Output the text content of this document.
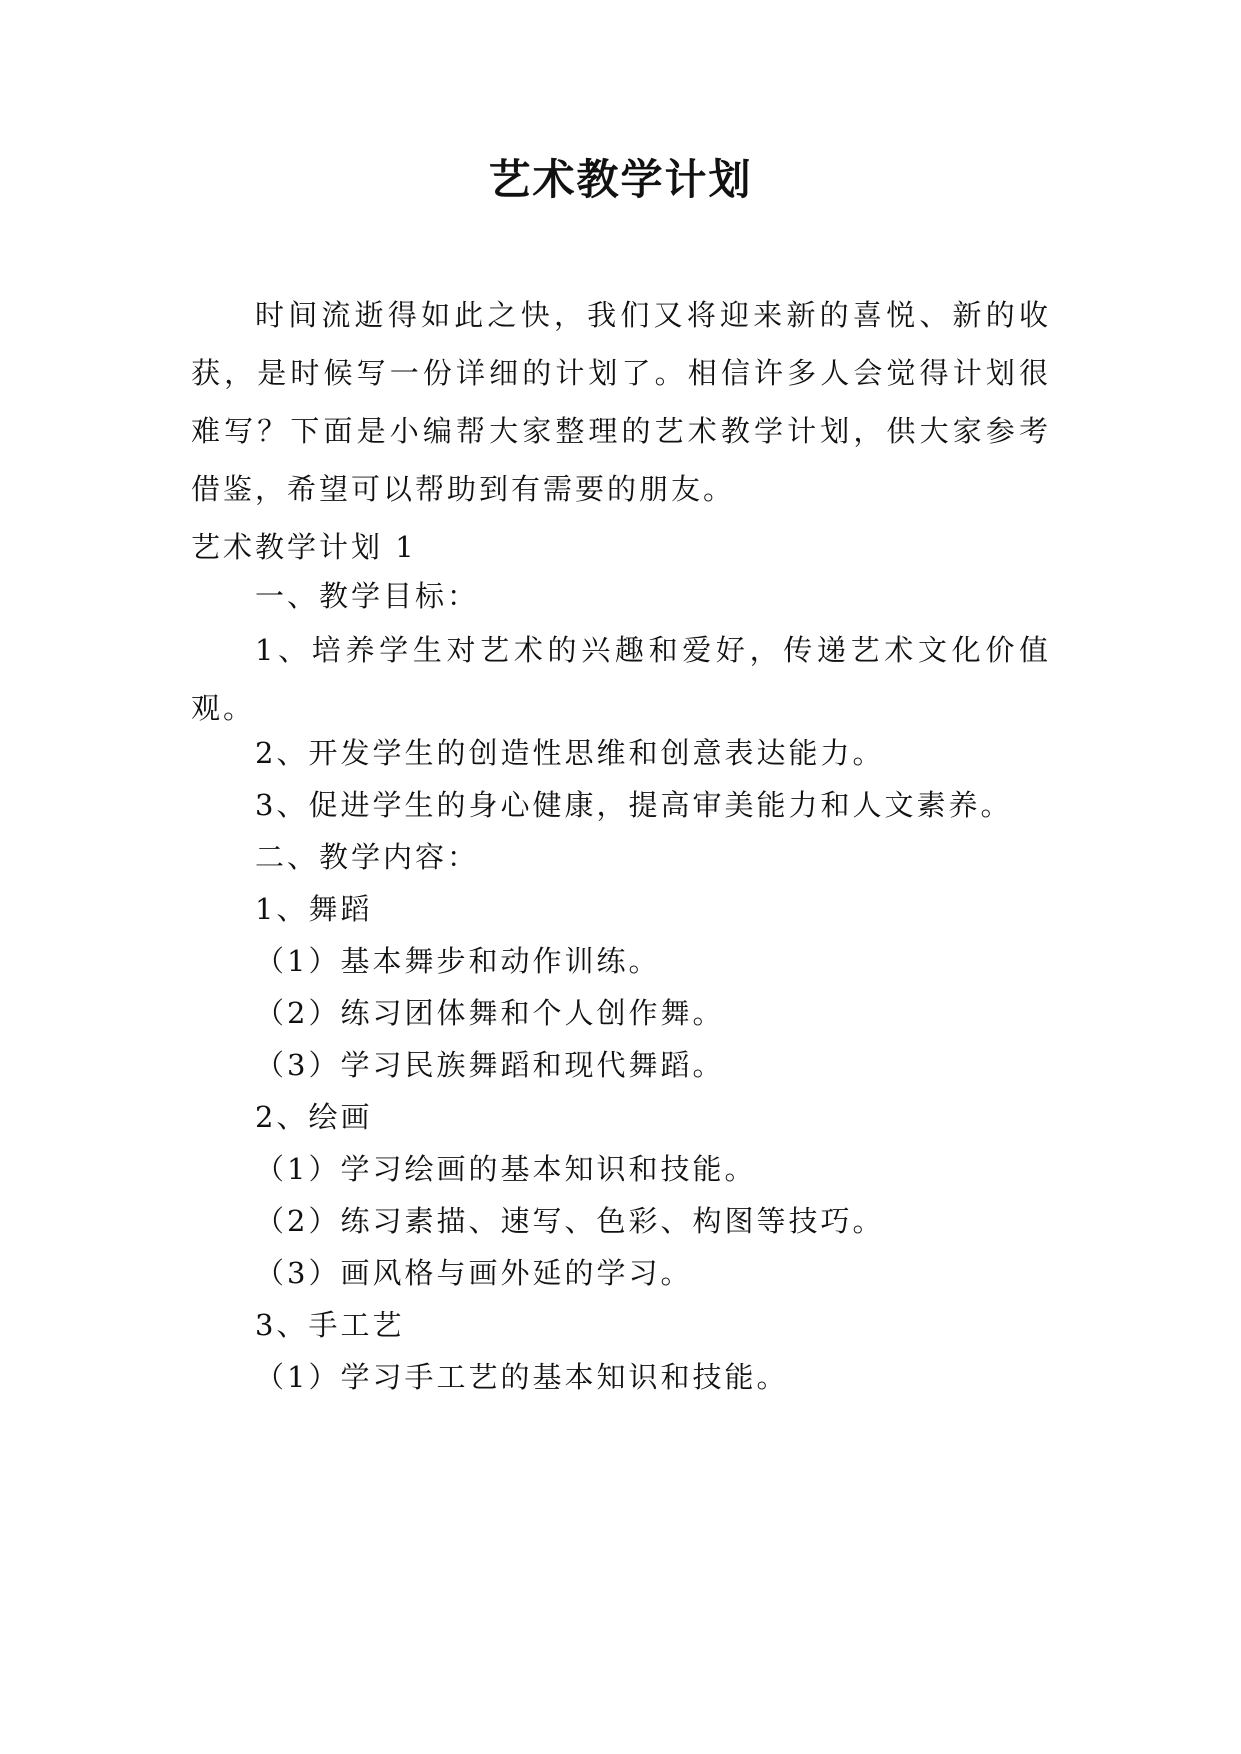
艺术教学计划
时间流逝得如此之快，我们又将迎来新的喜悦、新的收获，是时候写一份详细的计划了。相信许多人会觉得计划很难写？下面是小编帮大家整理的艺术教学计划，供大家参考借鉴，希望可以帮助到有需要的朋友。
艺术教学计划 1
一、教学目标：
1、培养学生对艺术的兴趣和爱好，传递艺术文化价值观。
2、开发学生的创造性思维和创意表达能力。
3、促进学生的身心健康，提高审美能力和人文素养。
二、教学内容：
1、舞蹈
（1）基本舞步和动作训练。
（2）练习团体舞和个人创作舞。
（3）学习民族舞蹈和现代舞蹈。
2、绘画
（1）学习绘画的基本知识和技能。
（2）练习素描、速写、色彩、构图等技巧。
（3）画风格与画外延的学习。
3、手工艺
（1）学习手工艺的基本知识和技能。
